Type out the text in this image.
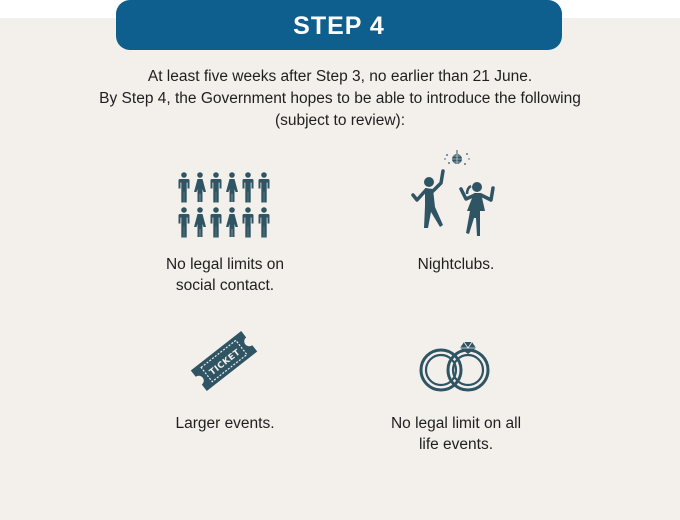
STEP 4
At least five weeks after Step 3, no earlier than 21 June.
By Step 4, the Government hopes to be able to introduce the following
(subject to review):
No legal limits on
social contact.
Nightclubs.
TICKET
Larger events.	No legal limit on all
life events.
